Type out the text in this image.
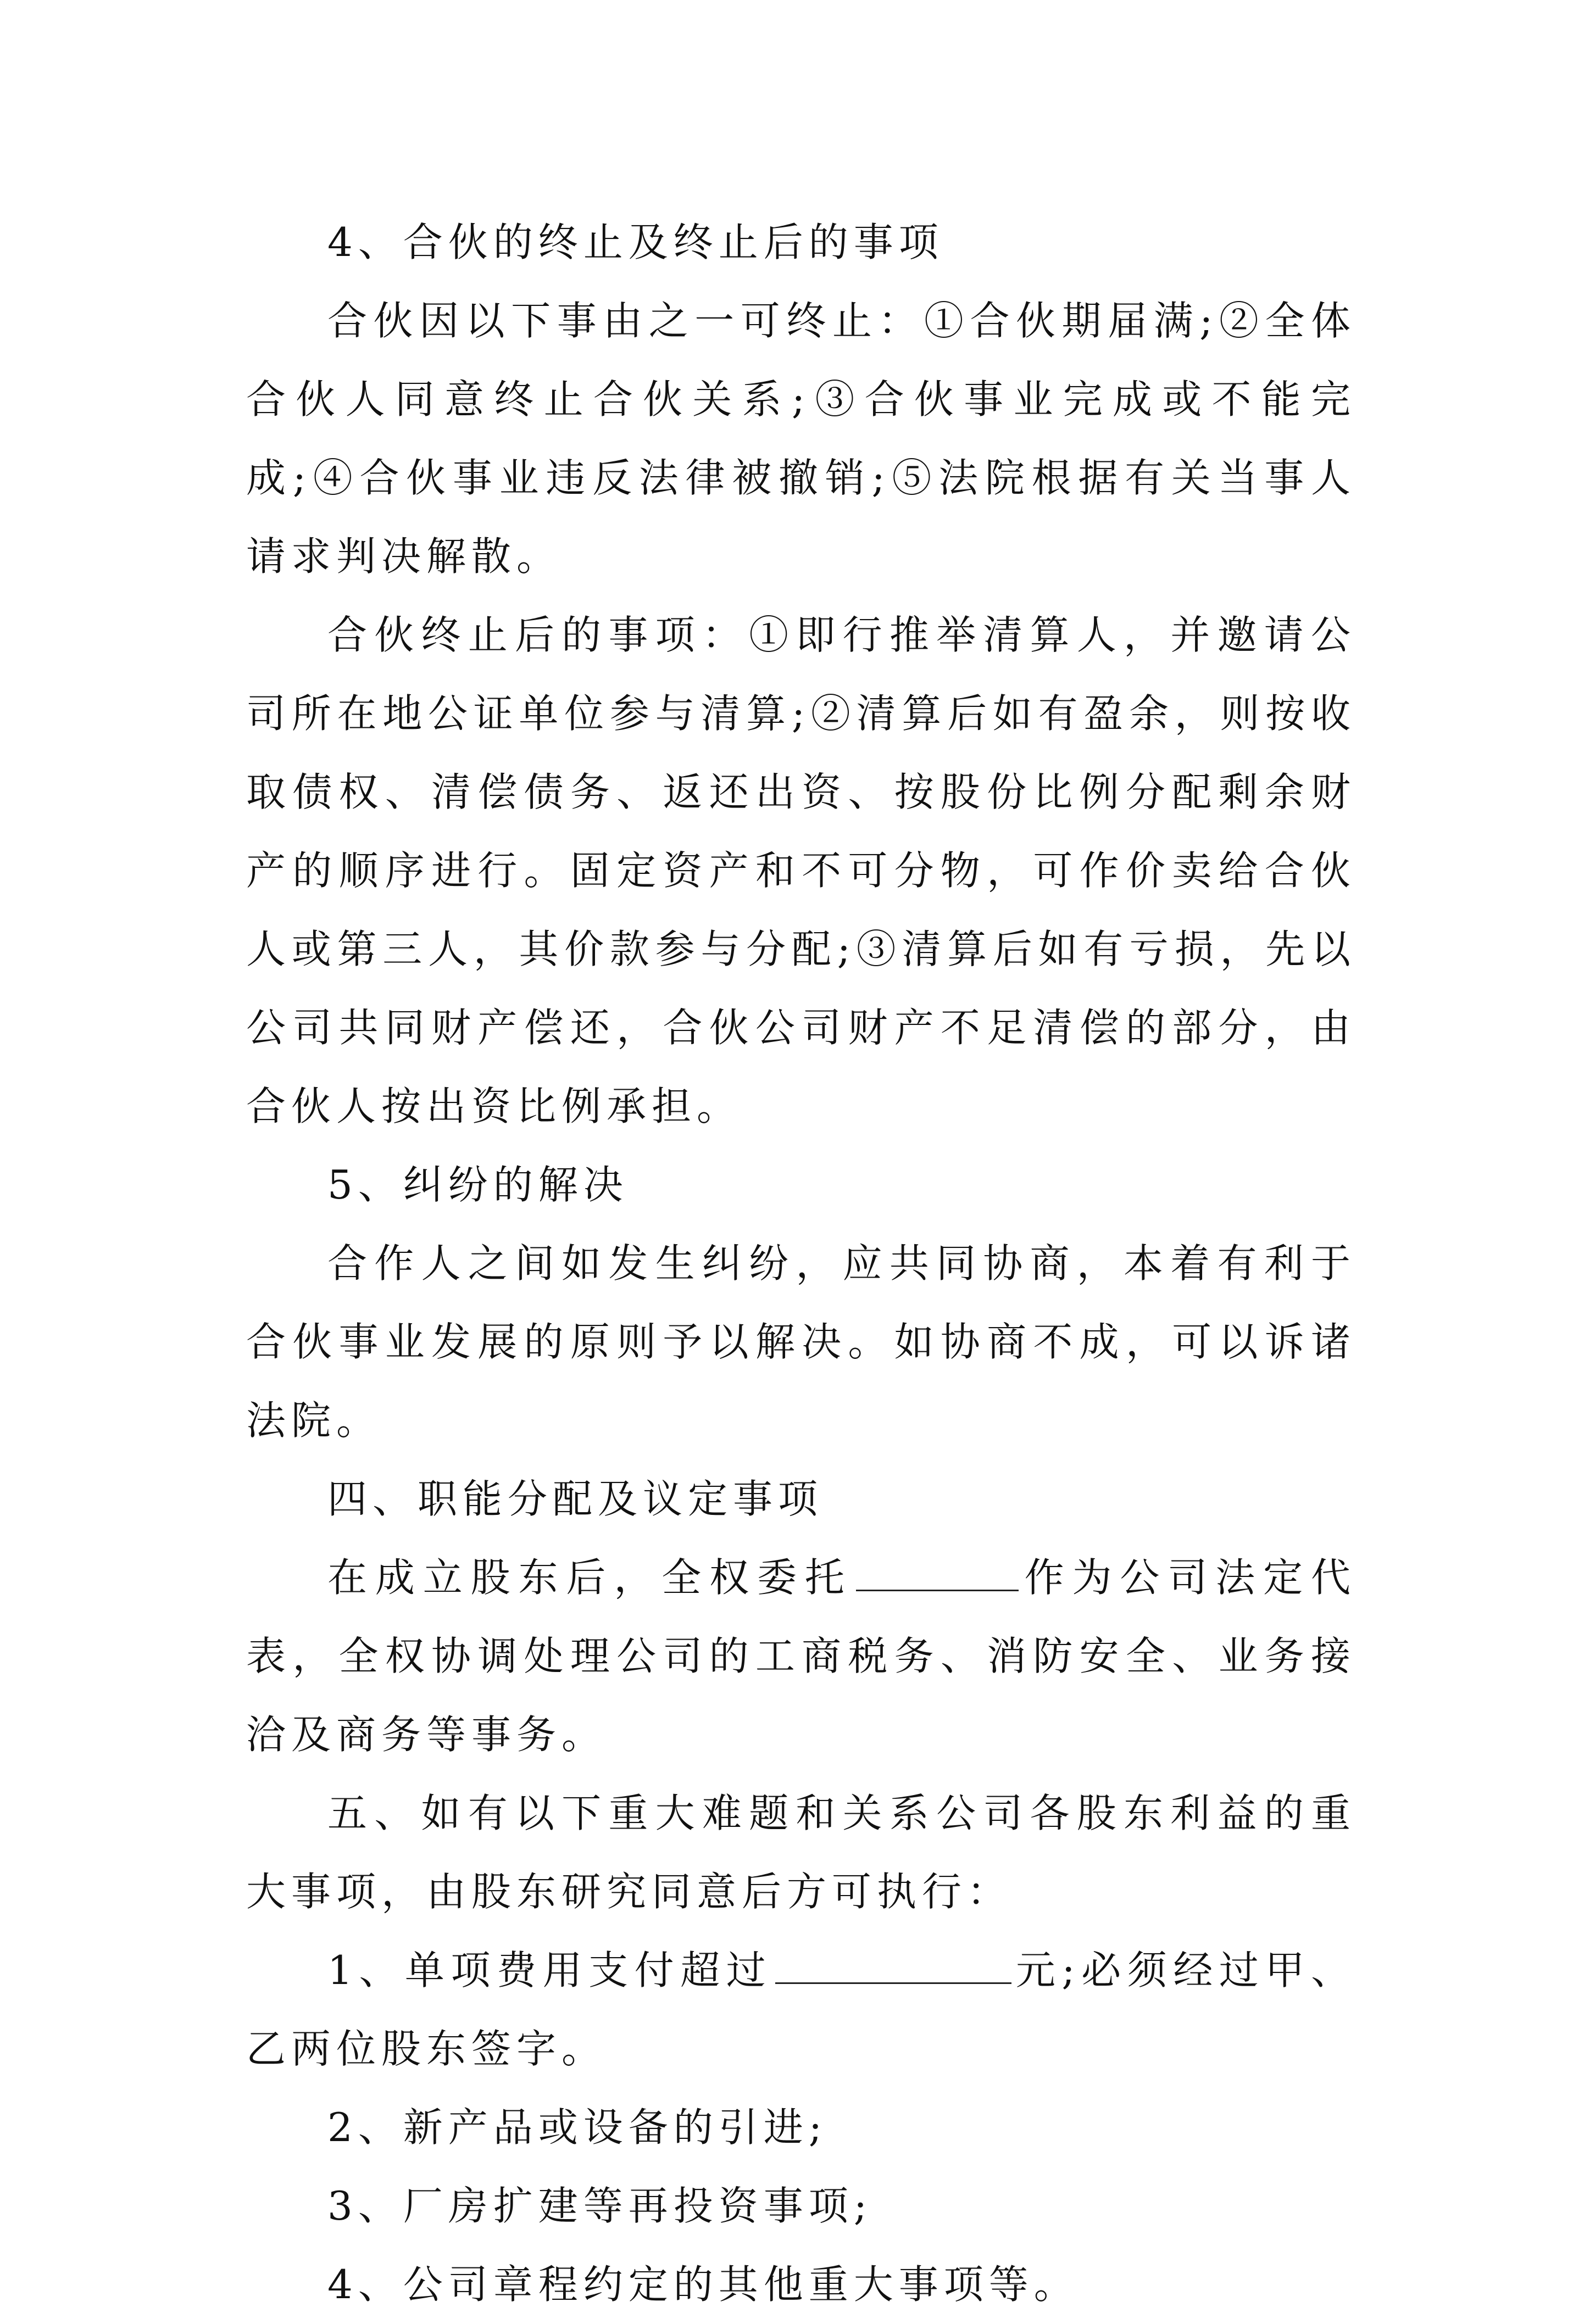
4、合伙的终止及终止后的事项

合伙因以下事由之一可终止：①合伙期届满;②全体合伙人同意终止合伙关系;③合伙事业完成或不能完成;④合伙事业违反法律被撤销;⑤法院根据有关当事人请求判决解散。

合伙终止后的事项：①即行推举清算人，并邀请公司所在地公证单位参与清算;②清算后如有盈余，则按收取债权、清偿债务、返还出资、按股份比例分配剩余财产的顺序进行。固定资产和不可分物，可作价卖给合伙人或第三人，其价款参与分配;③清算后如有亏损，先以公司共同财产偿还，合伙公司财产不足清偿的部分，由合伙人按出资比例承担。

5、纠纷的解决

合作人之间如发生纠纷，应共同协商，本着有利于合伙事业发展的原则予以解决。如协商不成，可以诉诸法院。

四、职能分配及议定事项

在成立股东后，全权委托	作为公司法定代表，全权协调处理公司的工商税务、消防安全、业务接洽及商务等事务。

五、如有以下重大难题和关系公司各股东利益的重大事项，由股东研究同意后方可执行：

1、单项费用支付超过	元;必须经过甲、乙两位股东签字。

2、新产品或设备的引进;

3、厂房扩建等再投资事项;

4、公司章程约定的其他重大事项等。
